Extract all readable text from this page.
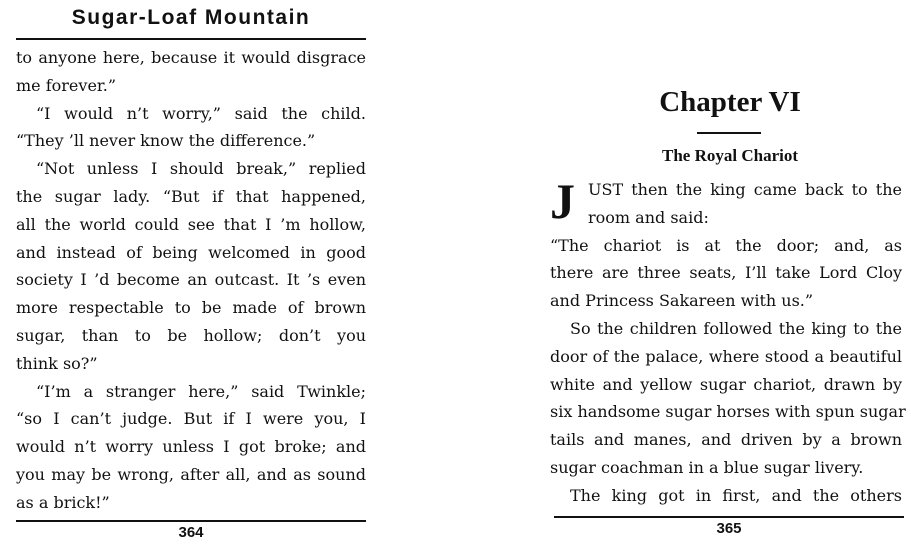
Sugar-Loaf Mountain
to anyone here, because it would disgrace
me forever.”
“I would n’t worry,” said the child.
“They ’ll never know the difference.”
“Not unless I should break,” replied
the sugar lady. “But if that happened,
all the world could see that I ’m hollow,
and instead of being welcomed in good
society I ’d become an outcast. It ’s even
more respectable to be made of brown
sugar, than to be hollow; don’t you
think so?”
“I’m a stranger here,” said Twinkle;
“so I can’t judge. But if I were you, I
would n’t worry unless I got broke; and
you may be wrong, after all, and as sound
as a brick!”
364
Chapter VI
The Royal Chariot
J UST then the king came back to the
room and said:
“The chariot is at the door; and, as
there are three seats, I’ll take Lord Cloy
and Princess Sakareen with us.”
So the children followed the king to the
door of the palace, where stood a beautiful
white and yellow sugar chariot, drawn by
six handsome sugar horses with spun sugar
tails and manes, and driven by a brown
sugar coachman in a blue sugar livery.
The king got in first, and the others
365
